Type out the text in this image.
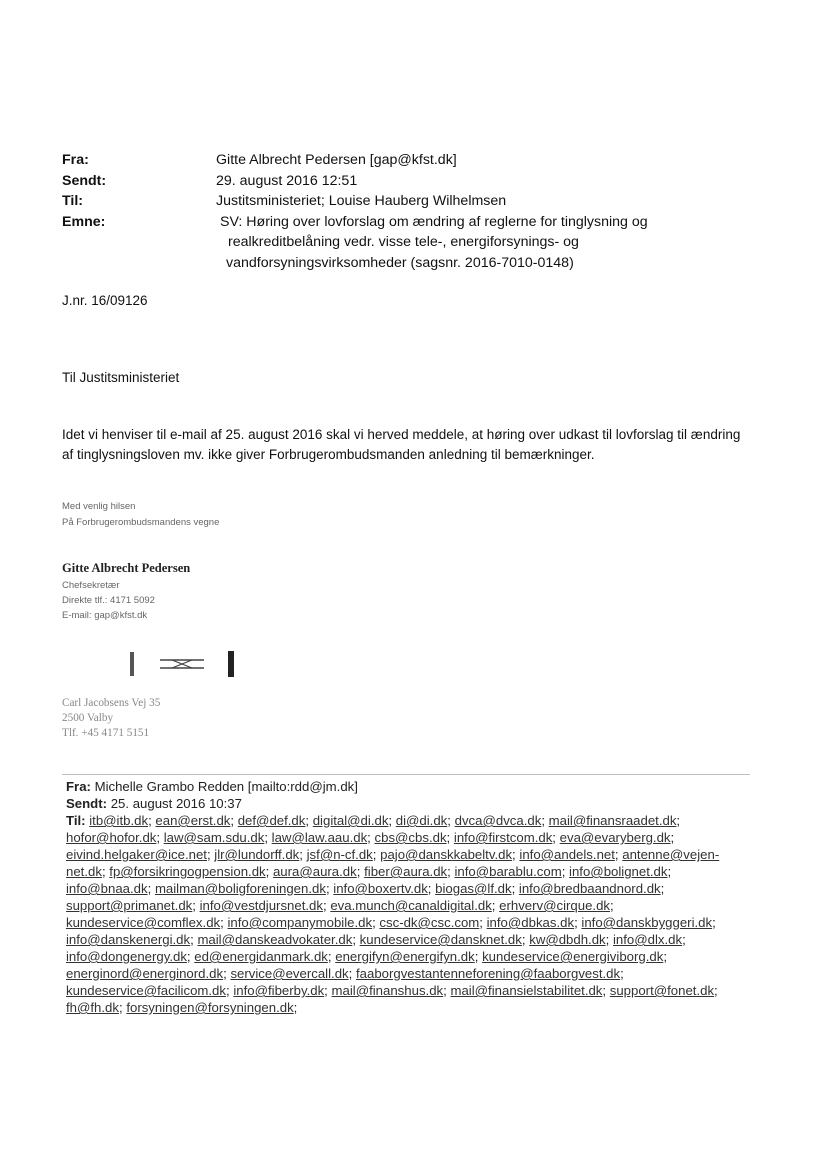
Fra:	Gitte Albrecht Pedersen [gap@kfst.dk]
Sendt:	29. august 2016 12:51
Til:	Justitsministeriet; Louise Hauberg Wilhelmsen
Emne:	SV: Høring over lovforslag om ændring af reglerne for tinglysning og
realkreditbelåning vedr. visse tele-, energiforsynings- og
vandforsyningsvirksomheder (sagsnr. 2016-7010-0148)
J.nr. 16/09126
Til Justitsministeriet
Idet vi henviser til e-mail af 25. august 2016 skal vi herved meddele, at høring over udkast til lovforslag til ændring af tinglysningsloven mv. ikke giver Forbrugerombudsmanden anledning til bemærkninger.
Med venlig hilsen
På Forbrugerombudsmandens vegne
Gitte Albrecht Pedersen
Chefsekretær
Direkte tlf.: 4171 5092
E-mail: gap@kfst.dk
Carl Jacobsens Vej 35
2500 Valby
Tlf. +45 4171 5151
Fra: Michelle Grambo Redden [mailto:rdd@jm.dk]
Sendt: 25. august 2016 10:37
Til: itb@itb.dk; ean@erst.dk; def@def.dk; digital@di.dk; di@di.dk; dvca@dvca.dk; mail@finansraadet.dk; hofor@hofor.dk; law@sam.sdu.dk; law@law.aau.dk; cbs@cbs.dk; info@firstcom.dk; eva@evaryberg.dk; eivind.helgaker@ice.net; jlr@lundorff.dk; jsf@n-cf.dk; pajo@danskkabeltv.dk; info@andels.net; antenne@vejen-net.dk; fp@forsikringogpension.dk; aura@aura.dk; fiber@aura.dk; info@barablu.com; info@bolignet.dk; info@bnaa.dk; mailman@boligforeningen.dk; info@boxertv.dk; biogas@lf.dk; info@bredbaandnord.dk; support@primanet.dk; info@vestdjursnet.dk; eva.munch@canaldigital.dk; erhverv@cirque.dk; kundeservice@comflex.dk; info@companymobile.dk; csc-dk@csc.com; info@dbkas.dk; info@danskbyggeri.dk; info@danskenergi.dk; mail@danskeadvokater.dk; kundeservice@dansknet.dk; kw@dbdh.dk; info@dlx.dk; info@dongenergy.dk; ed@energidanmark.dk; energifyn@energifyn.dk; kundeservice@energiviborg.dk; energinord@energinord.dk; service@evercall.dk; faaborgvestantenneforening@faaborgvest.dk; kundeservice@facilicom.dk; info@fiberby.dk; mail@finanshus.dk; mail@finansielstabilitet.dk; support@fonet.dk; fh@fh.dk; forsyningen@forsyningen.dk;
